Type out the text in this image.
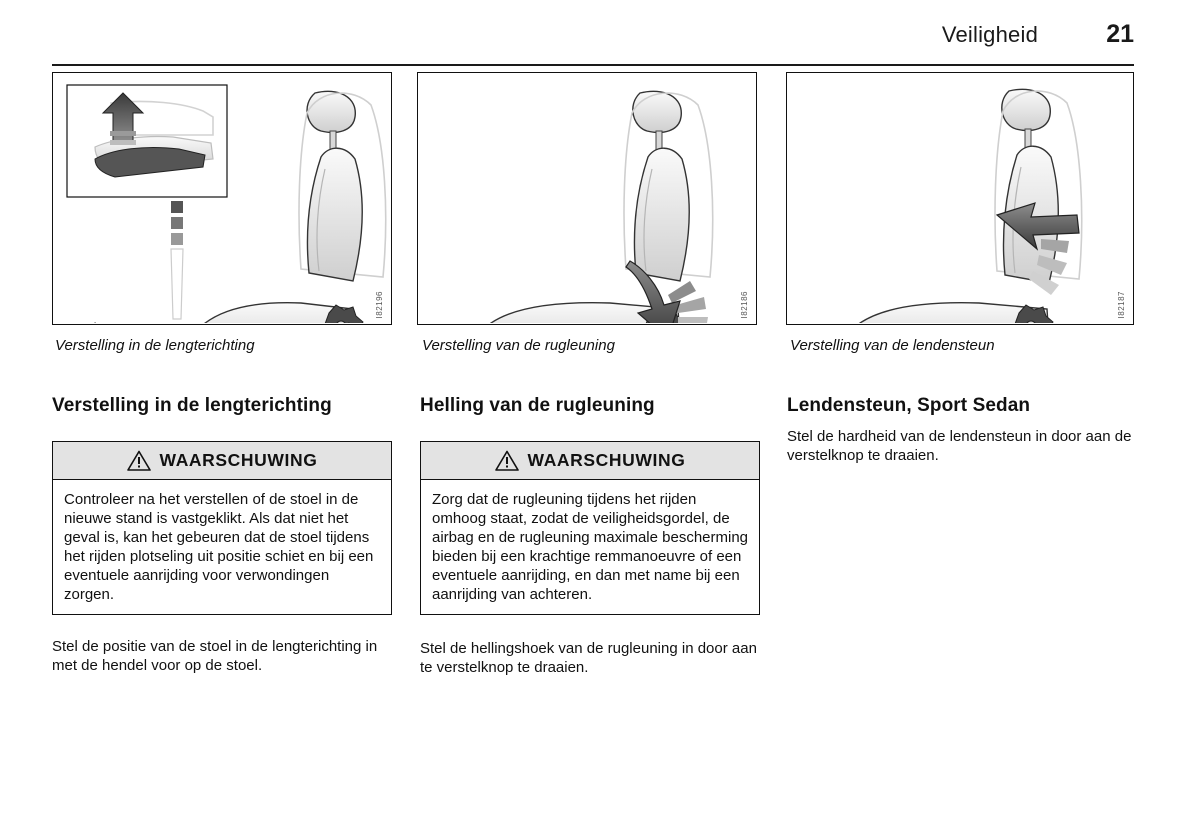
Veiligheid	21
I82196
Verstelling in de lengterichting
I82186
Verstelling van de rugleuning
I82187
Verstelling van de lendensteun
Verstelling in de lengterichting
WAARSCHUWING

Controleer na het verstellen of de stoel in de nieuwe stand is vastgeklikt. Als dat niet het geval is, kan het gebeuren dat de stoel tijdens het rijden plotseling uit positie schiet en bij een eventuele aanrijding voor verwondingen zorgen.

Stel de positie van de stoel in de lengterichting in met de hendel voor op de stoel.

Helling van de rugleuning
WAARSCHUWING

Zorg dat de rugleuning tijdens het rijden omhoog staat, zodat de veiligheidsgordel, de airbag en de rugleuning maximale bescherming bieden bij een krachtige remmanoeuvre of een eventuele aanrijding, en dan met name bij een aanrijding van achteren.

Stel de hellingshoek van de rugleuning in door aan te verstelknop te draaien.

Lendensteun, Sport Sedan

Stel de hardheid van de lendensteun in door aan de verstelknop te draaien.
